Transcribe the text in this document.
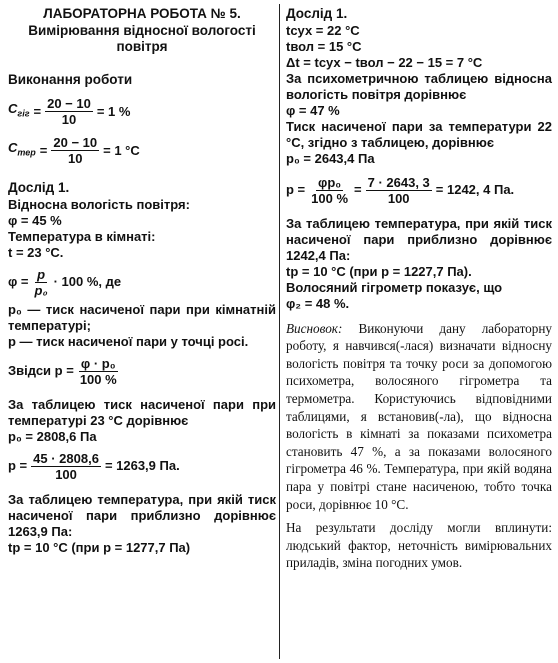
ЛАБОРАТОРНА РОБОТА № 5.
Вимірювання відносної вологості
повітря
Виконання роботи
$C_{гіг} = \frac{20 - 10}{10} = 1$ %
$C_{тер} = \frac{20 - 10}{10} = 1$ °C
Дослід 1.
Відносна вологість повітря:
φ = 45 %
Температура в кімнаті:
t = 23 °C.
$\varphi = \frac{p}{\text{p₀}} \cdot 100$ %, де
p₀ — тиск насиченої пари при кімнатній температурі;
p — тиск насиченої пари у точці росі.
Звідси $p = \frac{\text{φ · p₀}}{100 \%}$
За таблицею тиск насиченої пари при температурі 23 °C дорівнює
p₀ = 2808,6 Па
$p = \frac{45 \cdot 2808,6}{100} = 1263,9$ Па.
За таблицею температура, при якій тиск насиченої пари приблизно дорівнює 1263,9 Па:
tр = 10 °C (при p = 1277,7 Па)
Дослід 1.
tсух = 22 °C
tвол = 15 °C
Δt = tсух − tвол − 22 − 15 = 7 °C
За психометричною таблицею відносна вологість повітря дорівнює
φ = 47 %
Тиск насиченої пари за температури 22 °C, згідно з таблицею, дорівнює
p₀ = 2643,4 Па
$p = \frac{\text{φp₀}}{100 \%} = \frac{7 \cdot 2643, 3}{100} = 1242$, 4 Па.
За таблицею температура, при якій тиск насиченої пари приблизно дорівнює 1242,4 Па:
tр = 10 °C (при p = 1227,7 Па).
Волосяний гігрометр показує, що
φ₂ = 48 %.
Висновок: Виконуючи дану лабораторну роботу, я навчився(-лася) визначати відносну вологість повітря та точку роси за допомогою психометра, волосяного гігрометра та термометра. Користуючись відповідними таблицями, я встановив(-ла), що відносна вологість в кімнаті за показами психометра становить 47 %, а за показами волосяного гігрометра 46 %. Температура, при якій водяна пара у повітрі стане насиченою, тобто точка роси, дорівнює 10 °C.
На результати досліду могли вплинути: людський фактор, неточність вимірювальних приладів, зміна погодних умов.
